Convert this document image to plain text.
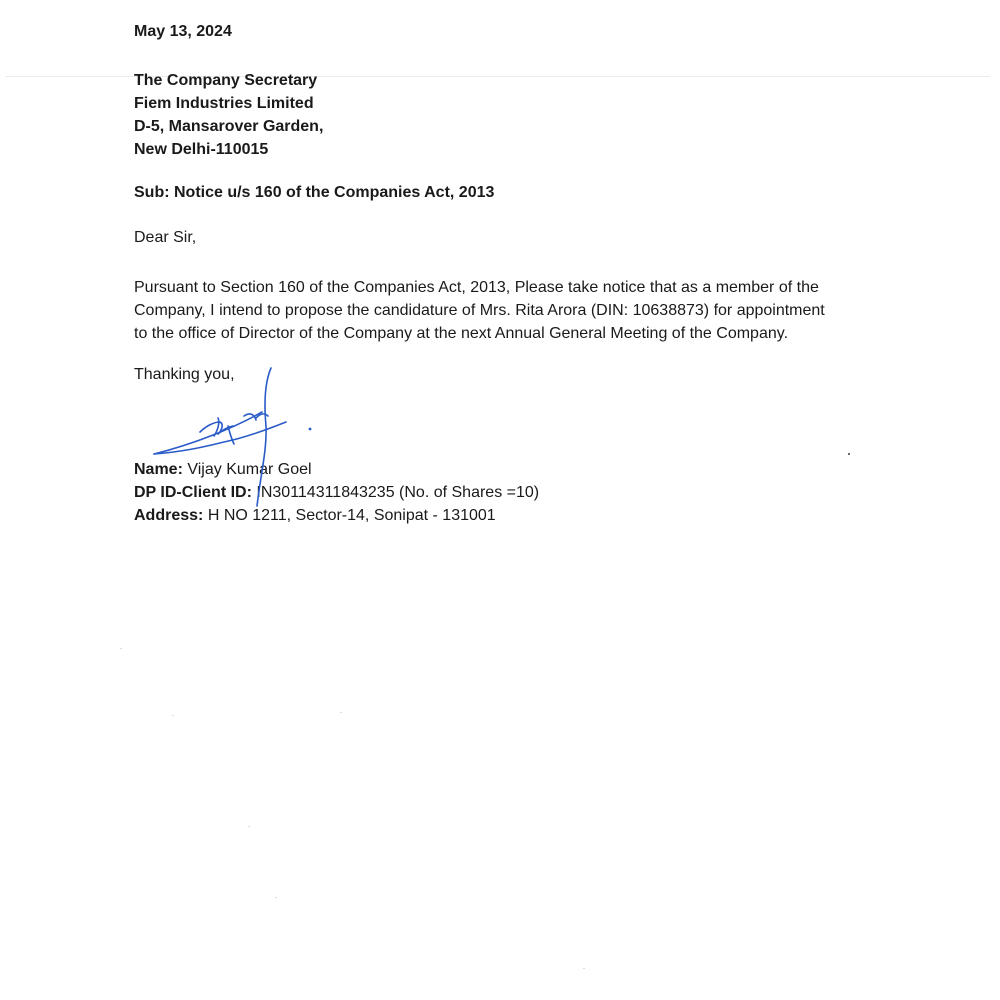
May 13, 2024
The Company Secretary
Fiem Industries Limited
D-5, Mansarover Garden,
New Delhi-110015
Sub: Notice u/s 160 of the Companies Act, 2013
Dear Sir,
Pursuant to Section 160 of the Companies Act, 2013, Please take notice that as a member of the
Company, I intend to propose the candidature of Mrs. Rita Arora (DIN: 10638873) for appointment
to the office of Director of the Company at the next Annual General Meeting of the Company.
Thanking you,
Name: Vijay Kumar Goel
DP ID-Client ID: IN30114311843235 (No. of Shares =10)
Address: H NO 1211, Sector-14, Sonipat - 131001
